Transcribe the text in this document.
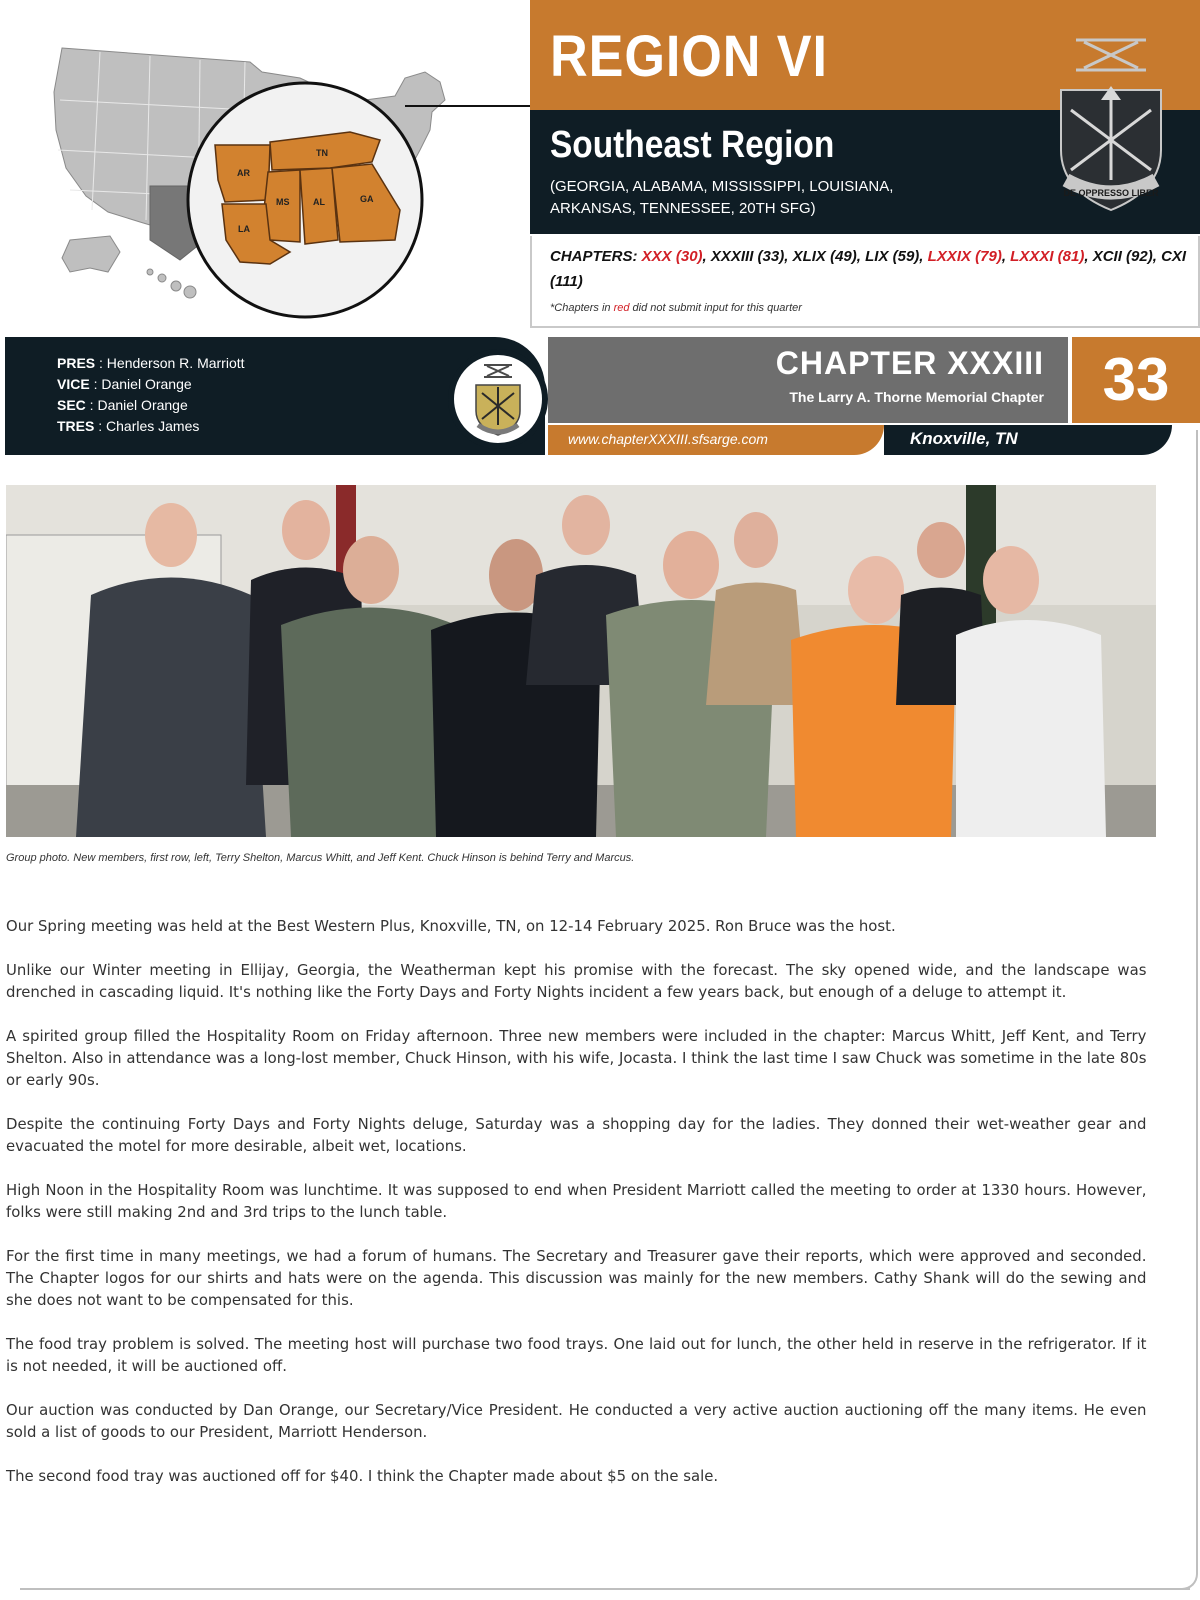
AR
TN
MS	AL	GA
LA
REGION VI
Southeast Region
(GEORGIA, ALABAMA, MISSISSIPPI, LOUISIANA,
ARKANSAS, TENNESSEE, 20TH SFG)
DE OPPRESSO LIBER
CHAPTERS: XXX (30), XXXIII (33), XLIX (49), LIX (59), LXXIX (79), LXXXI (81), XCII (92), CXI (111)
*Chapters in red did not submit input for this quarter
PRES : Henderson R. Marriott
VICE : Daniel Orange
SEC : Daniel Orange
TRES : Charles James
CHAPTER XXXIII
The Larry A. Thorne Memorial Chapter 33
www.chapterXXXIII.sfsarge.com	Knoxville, TN
Group photo. New members, first row, left, Terry Shelton, Marcus Whitt, and Jeff Kent. Chuck Hinson is behind Terry and Marcus.

Our Spring meeting was held at the Best Western Plus, Knoxville, TN, on 12-14 February 2025. Ron Bruce was the host.

Unlike our Winter meeting in Ellijay, Georgia, the Weatherman kept his promise with the forecast. The sky opened wide, and the landscape was drenched in cascading liquid. It's nothing like the Forty Days and Forty Nights incident a few years back, but enough of a deluge to attempt it.

A spirited group filled the Hospitality Room on Friday afternoon. Three new members were included in the chapter: Marcus Whitt, Jeff Kent, and Terry Shelton. Also in attendance was a long-lost member, Chuck Hinson, with his wife, Jocasta. I think the last time I saw Chuck was sometime in the late 80s or early 90s.

Despite the continuing Forty Days and Forty Nights deluge, Saturday was a shopping day for the ladies. They donned their wet-weather gear and evacuated the motel for more desirable, albeit wet, locations.

High Noon in the Hospitality Room was lunchtime. It was supposed to end when President Marriott called the meeting to order at 1330 hours. However, folks were still making 2nd and 3rd trips to the lunch table.

For the first time in many meetings, we had a forum of humans. The Secretary and Treasurer gave their reports, which were approved and seconded. The Chapter logos for our shirts and hats were on the agenda. This discussion was mainly for the new members. Cathy Shank will do the sewing and she does not want to be compensated for this.

The food tray problem is solved. The meeting host will purchase two food trays. One laid out for lunch, the other held in reserve in the refrigerator. If it is not needed, it will be auctioned off.

Our auction was conducted by Dan Orange, our Secretary/Vice President. He conducted a very active auction auctioning off the many items. He even sold a list of goods to our President, Marriott Henderson.

The second food tray was auctioned off for $40. I think the Chapter made about $5 on the sale.
